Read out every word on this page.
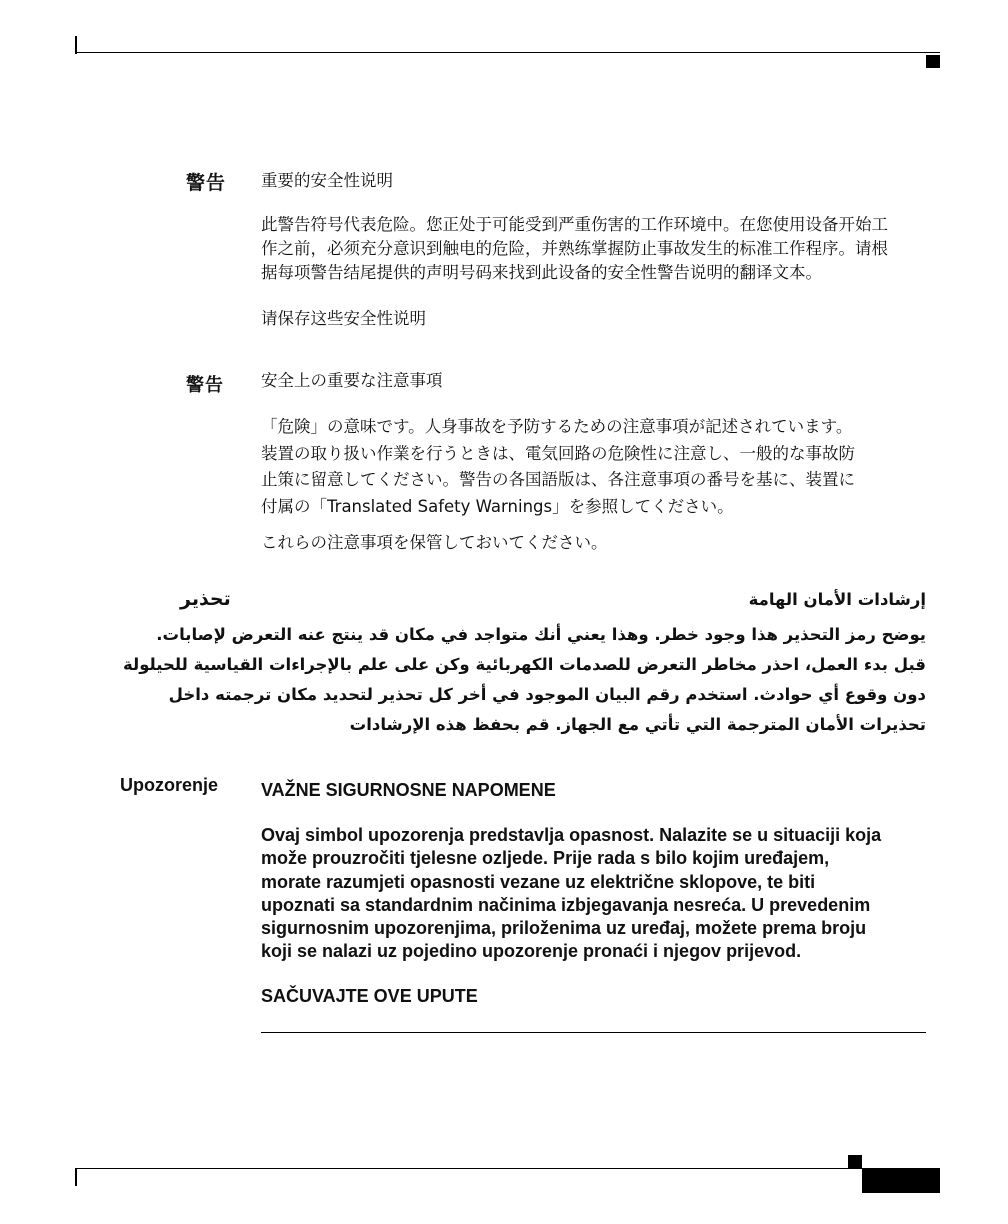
警告 重要的安全性说明

此警告符号代表危险。您正处于可能受到严重伤害的工作环境中。在您使用设备开始工
作之前，必须充分意识到触电的危险，并熟练掌握防止事故发生的标准工作程序。请根
据每项警告结尾提供的声明号码来找到此设备的安全性警告说明的翻译文本。

请保存这些安全性说明

警告 安全上の重要な注意事項

「危険」の意味です。人身事故を予防するための注意事項が記述されています。
装置の取り扱い作業を行うときは、電気回路の危険性に注意し、一般的な事故防
止策に留意してください。警告の各国語版は、各注意事項の番号を基に、装置に
付属の「Translated Safety Warnings」を参照してください。

これらの注意事項を保管しておいてください。

تحذير	إرشادات الأمان الهامة

يوضح رمز التحذير هذا وجود خطر. وهذا يعني أنك متواجد في مكان قد ينتج عنه التعرض لإصابات.
قبل بدء العمل، احذر مخاطر التعرض للصدمات الكهربائية وكن على علم بالإجراءات القياسية للحيلولة
دون وقوع أي حوادث. استخدم رقم البيان الموجود في أخر كل تحذير لتحديد مكان ترجمته داخل
تحذيرات الأمان المترجمة التي تأتي مع الجهاز. قم بحفظ هذه الإرشادات

Upozorenje VAŽNE SIGURNOSNE NAPOMENE

Ovaj simbol upozorenja predstavlja opasnost. Nalazite se u situaciji koja
može prouzročiti tjelesne ozljede. Prije rada s bilo kojim uređajem,
morate razumjeti opasnosti vezane uz električne sklopove, te biti
upoznati sa standardnim načinima izbjegavanja nesreća. U prevedenim
sigurnosnim upozorenjima, priloženima uz uređaj, možete prema broju
koji se nalazi uz pojedino upozorenje pronaći i njegov prijevod.

SAČUVAJTE OVE UPUTE
